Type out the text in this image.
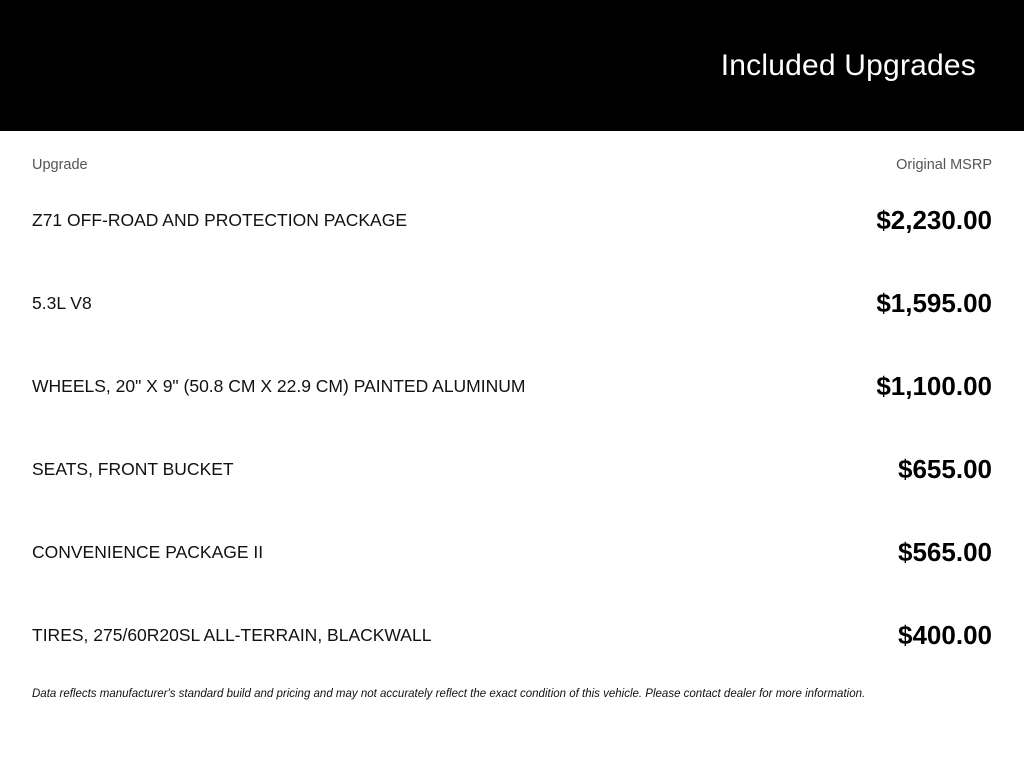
Included Upgrades
Upgrade	Original MSRP
Z71 OFF-ROAD AND PROTECTION PACKAGE	$2,230.00
5.3L V8	$1,595.00
WHEELS, 20" X 9" (50.8 CM X 22.9 CM) PAINTED ALUMINUM	$1,100.00
SEATS, FRONT BUCKET	$655.00
CONVENIENCE PACKAGE II	$565.00
TIRES, 275/60R20SL ALL-TERRAIN, BLACKWALL	$400.00
Data reflects manufacturer's standard build and pricing and may not accurately reflect the exact condition of this vehicle. Please contact dealer for more information.
